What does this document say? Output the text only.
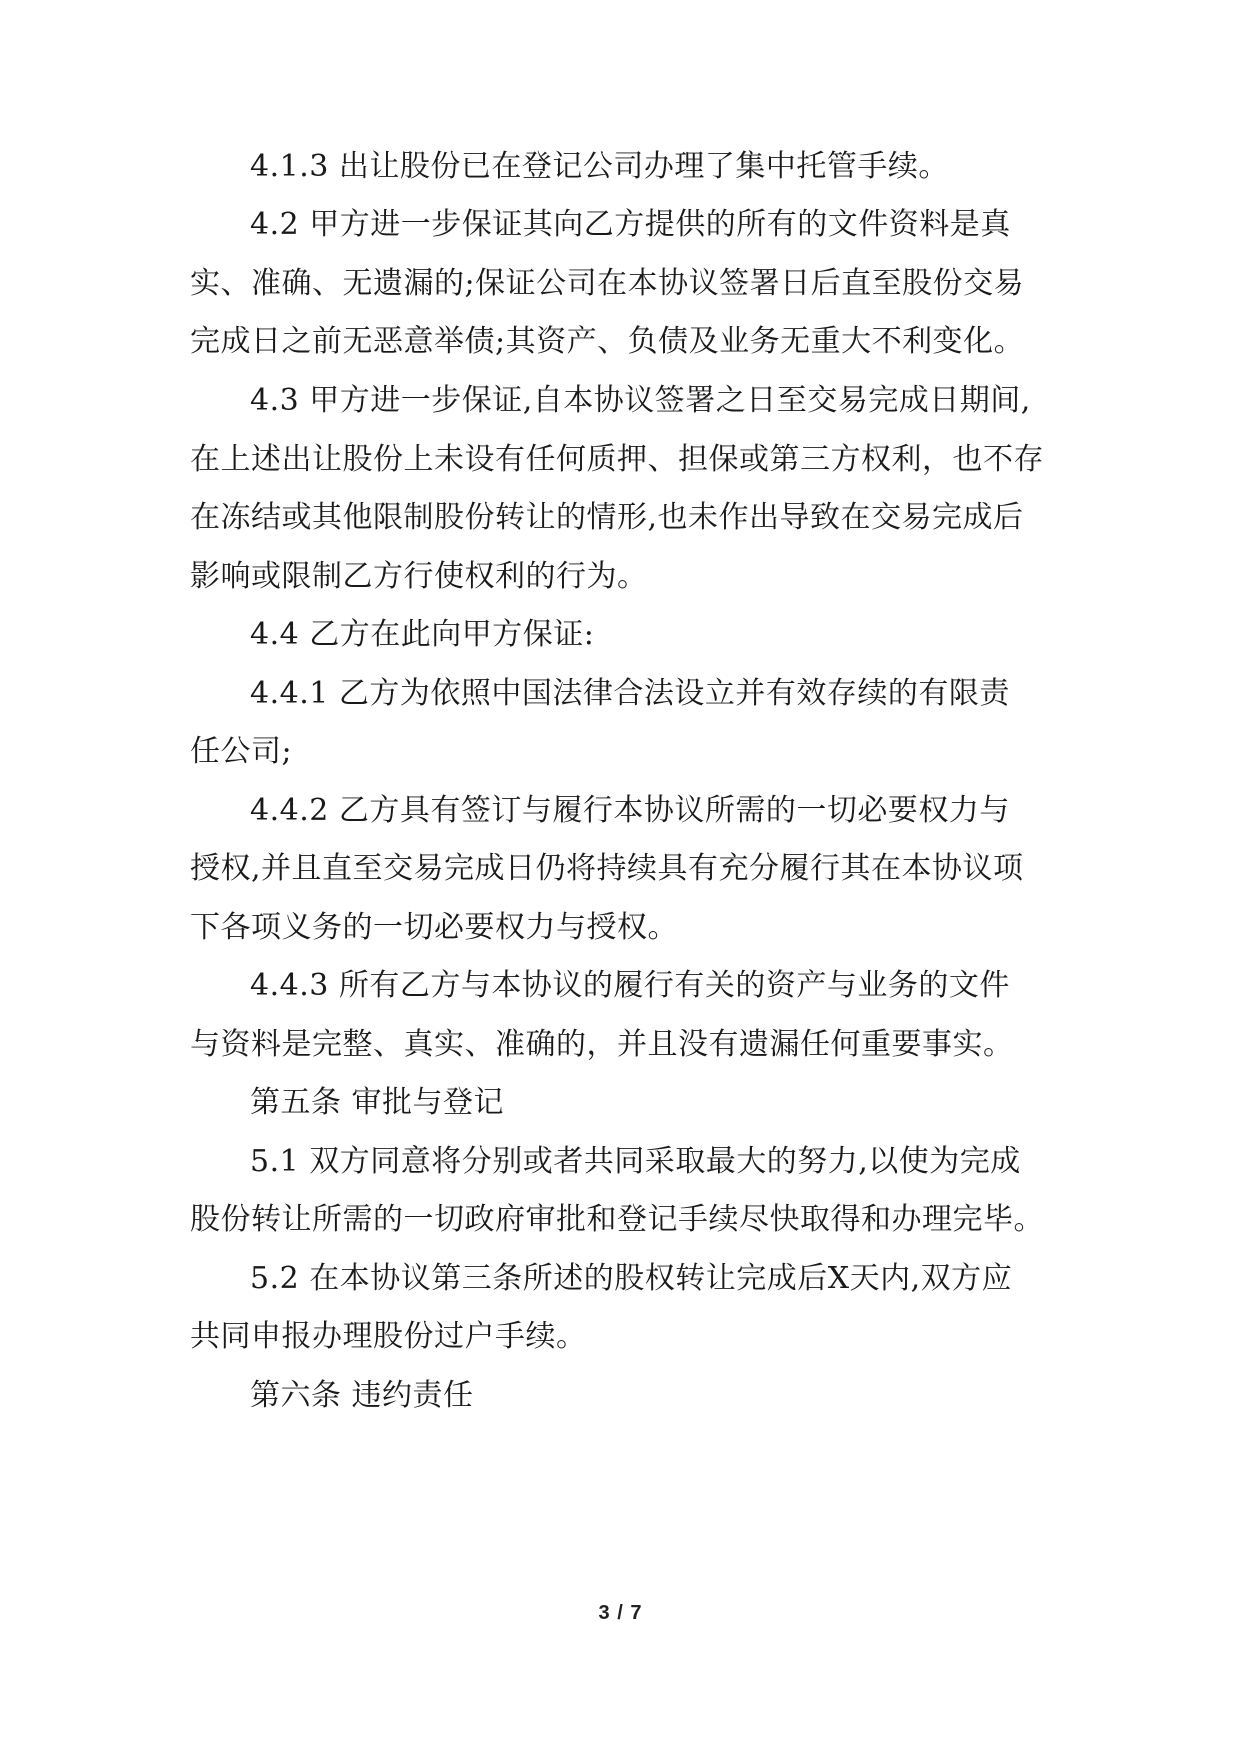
4.1.3 出让股份已在登记公司办理了集中托管手续。
4.2 甲方进一步保证其向乙方提供的所有的文件资料是真
实、准确、无遗漏的;保证公司在本协议签署日后直至股份交易
完成日之前无恶意举债;其资产、负债及业务无重大不利变化。
4.3 甲方进一步保证,自本协议签署之日至交易完成日期间,
在上述出让股份上未设有任何质押、担保或第三方权利，也不存
在冻结或其他限制股份转让的情形,也未作出导致在交易完成后
影响或限制乙方行使权利的行为。
4.4 乙方在此向甲方保证:
4.4.1 乙方为依照中国法律合法设立并有效存续的有限责
任公司;
4.4.2 乙方具有签订与履行本协议所需的一切必要权力与
授权,并且直至交易完成日仍将持续具有充分履行其在本协议项
下各项义务的一切必要权力与授权。
4.4.3 所有乙方与本协议的履行有关的资产与业务的文件
与资料是完整、真实、准确的，并且没有遗漏任何重要事实。
第五条 审批与登记
5.1 双方同意将分别或者共同采取最大的努力,以使为完成
股份转让所需的一切政府审批和登记手续尽快取得和办理完毕。
5.2 在本协议第三条所述的股权转让完成后X天内,双方应
共同申报办理股份过户手续。
第六条 违约责任
3 / 7
